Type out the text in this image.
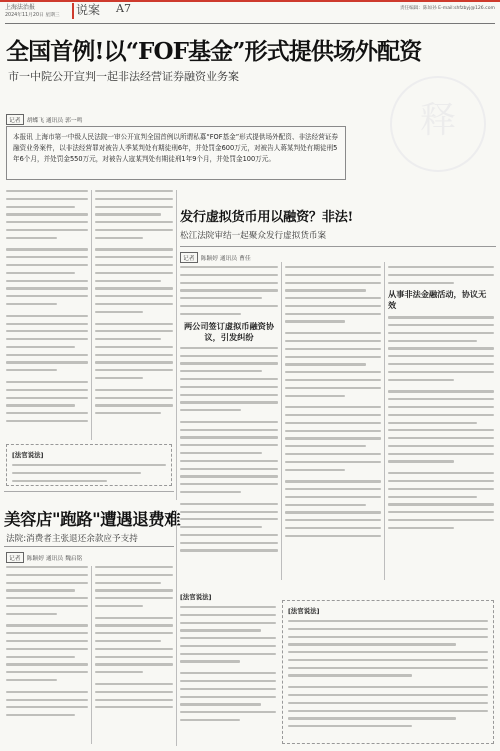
上海法治报
2024年11月20日 星期三 说案 A7	责任编辑：陈如孙 E-mail:shfzbyj@126.com
全国首例!以“FOF基金”形式提供场外配资
市一中院公开宣判一起非法经营证券融资业务案
释
记者 胡蝶飞 通讯员 郭一鸣
本报讯 上海市第一中级人民法院一审公开宣判全国首例以所谓私募“FOF基金”形式提供场外配资、非法经营证券融资业务案件，以非法经营罪对被告人季某判处有期徒刑6年，并处罚金600万元，对被告人蒋某判处有期徒刑5年6个月，并处罚金550万元，对被告人寇某判处有期徒刑1年9个月，并处罚金100万元。
[法官说法]
发行虚拟货币用以融资？非法!
松江法院审结一起聚众发行虚拟货币案
记者 陈颖婷 通讯员 曹佳
两公司签订虚拟币融资协议，引发纠纷
从事非法金融活动，协议无效
[法官说法]
美容店"跑路"遭遇退费难
法院:消费者主张退还余款应予支持
记者 陈颖婷 通讯员 魏启铭
[法官说法]
